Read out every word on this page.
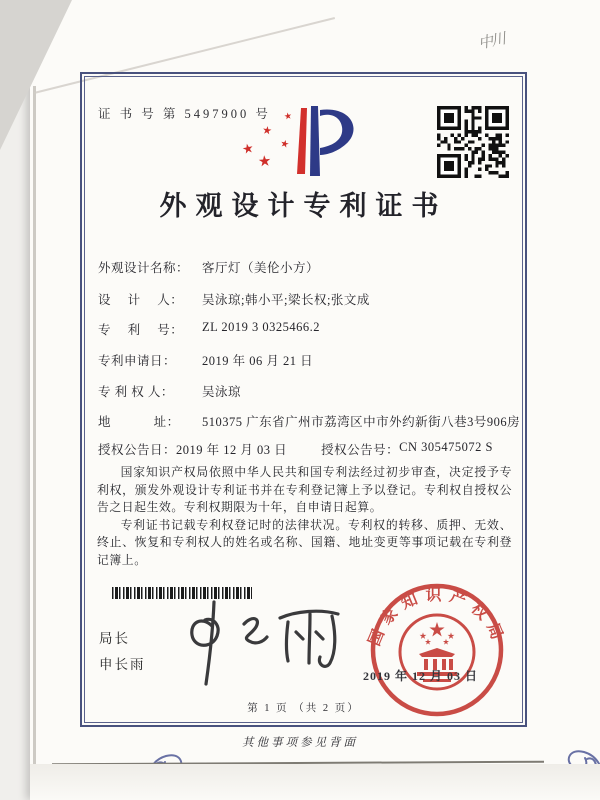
中川
证 书 号 第 5497900 号
★
★
★
★
★
外观设计专利证书
外观设计名称：	客厅灯（美伦小方）
设　 计 　人：	吴泳琼;韩小平;梁长权;张文成
专　 利 　号：	ZL 2019 3 0325466.2
专利申请日：	2019 年 06 月 21 日
专 利 权 人：	吴泳琼
地　　　 址：	510375 广东省广州市荔湾区中市外约新街八巷3号906房
授权公告日： 2019 年 12 月 03 日	授权公告号： CN 305475072 S

国家知识产权局依照中华人民共和国专利法经过初步审查，决定授予专利权，颁发外观设计专利证书并在专利登记簿上予以登记。专利权自授权公告之日起生效。专利权期限为十年，自申请日起算。

专利证书记载专利权登记时的法律状况。专利权的转移、质押、无效、终止、恢复和专利权人的姓名或名称、国籍、地址变更等事项记载在专利登记簿上。

局长
申长雨
国家知识产权局
2019 年 12 月 03 日
第 1 页 （共 2 页）
其他事项参见背面
